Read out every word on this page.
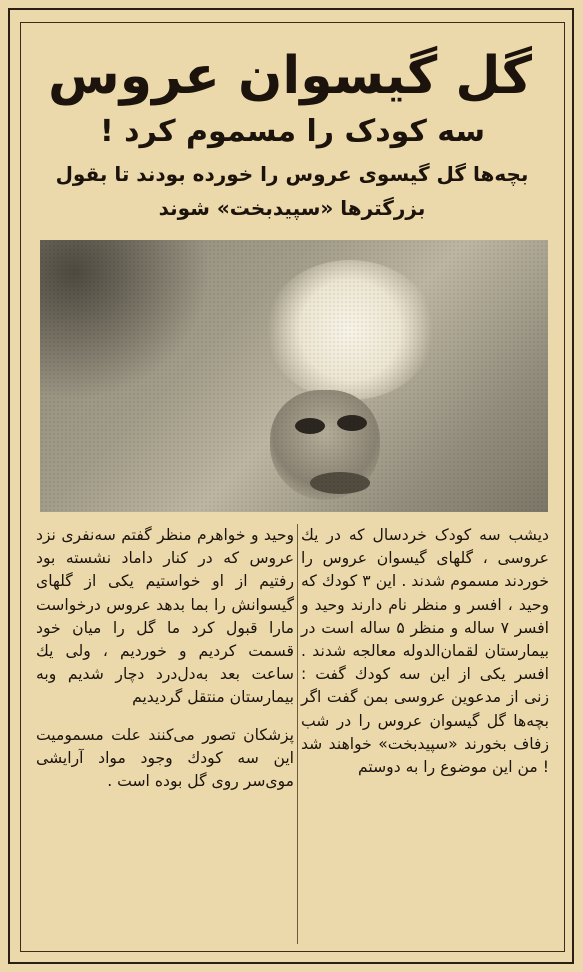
گل گیسوان عروس
سه کودک را مسموم کرد !
بچه‌ها گل گیسوی عروس را خورده بودند تا بقول
بزرگترها «سپیدبخت» شوند

دیشب سه کودک خردسال که در یك عروسی ، گلهای گیسوان عروس را خوردند مسموم شدند . این ۳ کودك که وحید ، افسر و منظر نام دارند وحید و افسر ۷ ساله و منظر ۵ ساله است در بیمارستان لقمان‌الدوله معالجه شدند . افسر یکی از این سه کودك گفت : زنی از مدعوین عروسی بمن گفت اگر بچه‌ها گل گیسوان عروس را در شب زفاف بخورند «سپیدبخت» خواهند شد ! من این موضوع را به دوستم

وحید و خواهرم منظر گفتم سه‌نفری نزد عروس که در کنار داماد نشسته بود رفتیم از او خواستیم یکی از گلهای گیسوانش را بما بدهد عروس درخواست مارا قبول کرد ما گل را میان خود قسمت کردیم و خوردیم ، ولی یك ساعت بعد به‌دل‌درد دچار شدیم وبه بیمارستان منتقل گردیدیم

پزشکان تصور می‌کنند علت مسمومیت این سه کودك وجود مواد آرایشی موی‌سر روی گل بوده است .
